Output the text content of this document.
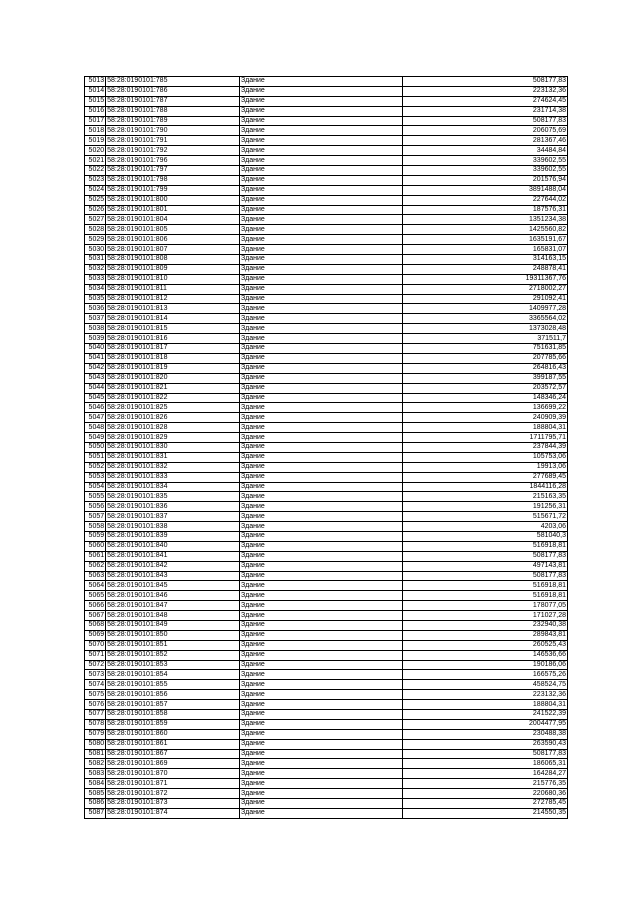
5013	58:28:0190101:785	Здание	508177,83
5014	58:28:0190101:786	Здание	223132,36
5015	58:28:0190101:787	Здание	274624,45
5016	58:28:0190101:788	Здание	231714,38
5017	58:28:0190101:789	Здание	508177,83
5018	58:28:0190101:790	Здание	206075,69
5019	58:28:0190101:791	Здание	281367,46
5020	58:28:0190101:792	Здание	34484,84
5021	58:28:0190101:796	Здание	339602,55
5022	58:28:0190101:797	Здание	339602,55
5023	58:28:0190101:798	Здание	201576,94
5024	58:28:0190101:799	Здание	3891488,04
5025	58:28:0190101:800	Здание	227644,02
5026	58:28:0190101:801	Здание	187576,31
5027	58:28:0190101:804	Здание	1351234,38
5028	58:28:0190101:805	Здание	1425560,82
5029	58:28:0190101:806	Здание	1635191,67
5030	58:28:0190101:807	Здание	165831,07
5031	58:28:0190101:808	Здание	314163,15
5032	58:28:0190101:809	Здание	248878,41
5033	58:28:0190101:810	Здание	19311367,76
5034	58:28:0190101:811	Здание	2718002,27
5035	58:28:0190101:812	Здание	291092,41
5036	58:28:0190101:813	Здание	1409977,28
5037	58:28:0190101:814	Здание	3365564,02
5038	58:28:0190101:815	Здание	1373028,48
5039	58:28:0190101:816	Здание	371511,7
5040	58:28:0190101:817	Здание	751631,85
5041	58:28:0190101:818	Здание	207785,66
5042	58:28:0190101:819	Здание	264816,43
5043	58:28:0190101:820	Здание	399187,55
5044	58:28:0190101:821	Здание	203572,57
5045	58:28:0190101:822	Здание	148346,24
5046	58:28:0190101:825	Здание	136699,22
5047	58:28:0190101:826	Здание	240909,39
5048	58:28:0190101:828	Здание	188804,31
5049	58:28:0190101:829	Здание	1711795,71
5050	58:28:0190101:830	Здание	237844,39
5051	58:28:0190101:831	Здание	105753,06
5052	58:28:0190101:832	Здание	19913,06
5053	58:28:0190101:833	Здание	277689,45
5054	58:28:0190101:834	Здание	1844116,28
5055	58:28:0190101:835	Здание	215163,35
5056	58:28:0190101:836	Здание	191256,31
5057	58:28:0190101:837	Здание	515671,72
5058	58:28:0190101:838	Здание	4203,06
5059	58:28:0190101:839	Здание	581040,3
5060	58:28:0190101:840	Здание	516918,81
5061	58:28:0190101:841	Здание	508177,83
5062	58:28:0190101:842	Здание	497143,81
5063	58:28:0190101:843	Здание	508177,83
5064	58:28:0190101:845	Здание	516918,81
5065	58:28:0190101:846	Здание	516918,81
5066	58:28:0190101:847	Здание	178077,05
5067	58:28:0190101:848	Здание	171027,28
5068	58:28:0190101:849	Здание	232940,38
5069	58:28:0190101:850	Здание	289843,81
5070	58:28:0190101:851	Здание	260525,43
5071	58:28:0190101:852	Здание	146536,66
5072	58:28:0190101:853	Здание	190186,06
5073	58:28:0190101:854	Здание	166575,26
5074	58:28:0190101:855	Здание	458524,75
5075	58:28:0190101:856	Здание	223132,36
5076	58:28:0190101:857	Здание	188804,31
5077	58:28:0190101:858	Здание	241522,39
5078	58:28:0190101:859	Здание	2004477,95
5079	58:28:0190101:860	Здание	230488,38
5080	58:28:0190101:861	Здание	263590,43
5081	58:28:0190101:867	Здание	508177,83
5082	58:28:0190101:869	Здание	186065,31
5083	58:28:0190101:870	Здание	164284,27
5084	58:28:0190101:871	Здание	215776,35
5085	58:28:0190101:872	Здание	220680,36
5086	58:28:0190101:873	Здание	272785,45
5087	58:28:0190101:874	Здание	214550,35
